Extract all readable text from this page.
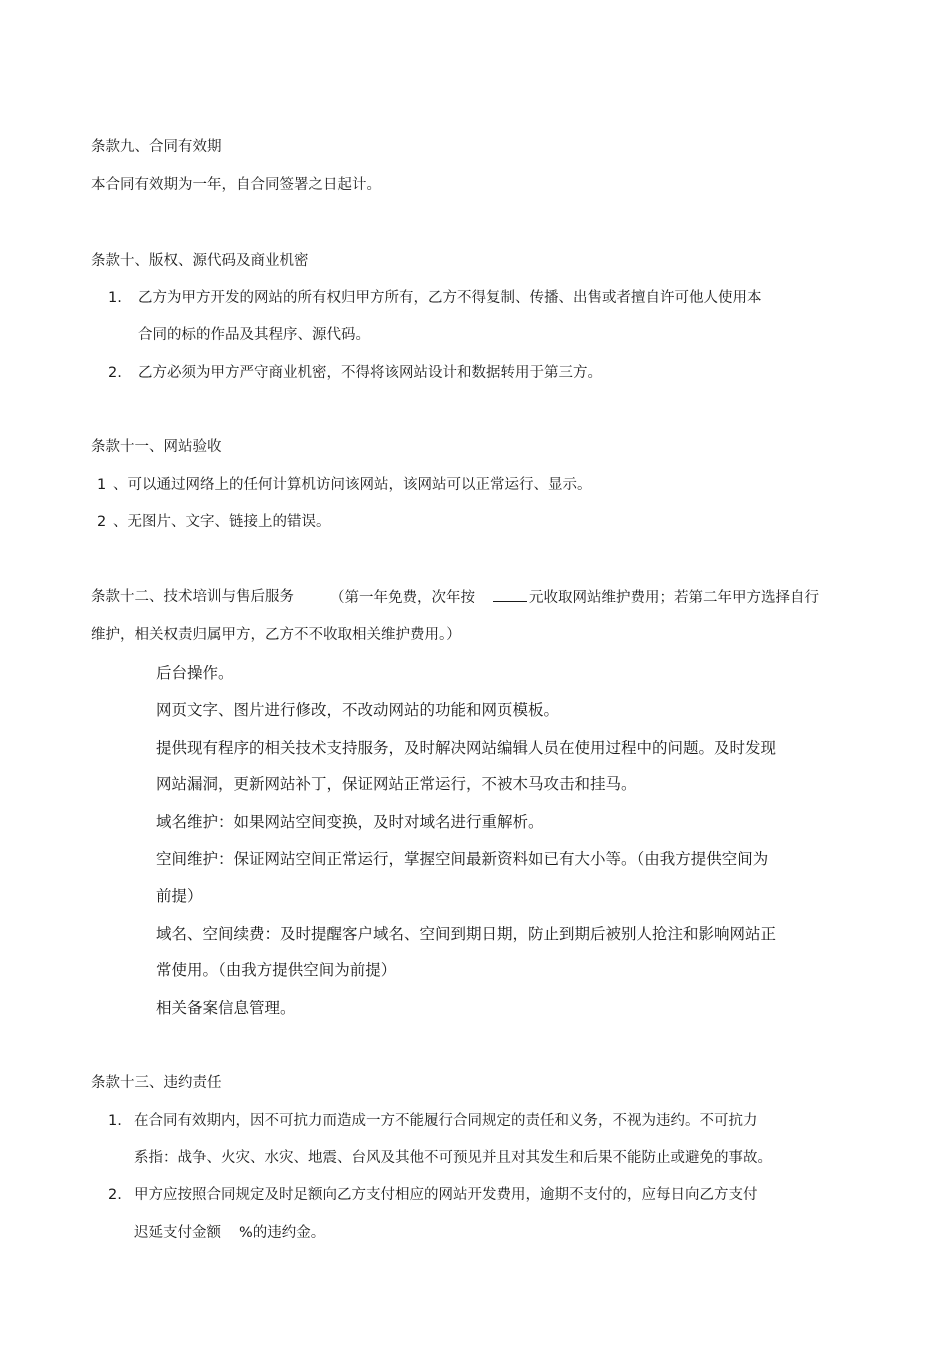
条款九、合同有效期
本合同有效期为一年，自合同签署之日起计。
条款十、版权、源代码及商业机密
1. 乙方为甲方开发的网站的所有权归甲方所有，乙方不得复制、传播、出售或者擅自许可他人使用本
合同的标的作品及其程序、源代码。
2. 乙方必须为甲方严守商业机密，不得将该网站设计和数据转用于第三方。
条款十一、网站验收
1 、可以通过网络上的任何计算机访问该网站，该网站可以正常运行、显示。
2 、无图片、文字、链接上的错误。
条款十二、技术培训与售后服务 （第一年免费，次年按	元收取网站维护费用；若第二年甲方选择自行
维护，相关权责归属甲方，乙方不不收取相关维护费用。）
后台操作。
网页文字、图片进行修改，不改动网站的功能和网页模板。
提供现有程序的相关技术支持服务，及时解决网站编辑人员在使用过程中的问题。及时发现
网站漏洞，更新网站补丁，保证网站正常运行，不被木马攻击和挂马。
域名维护：如果网站空间变换，及时对域名进行重解析。
空间维护：保证网站空间正常运行，掌握空间最新资料如已有大小等。（由我方提供空间为
前提）
域名、空间续费：及时提醒客户域名、空间到期日期，防止到期后被别人抢注和影响网站正
常使用。（由我方提供空间为前提）
相关备案信息管理。
条款十三、违约责任
1. 在合同有效期内，因不可抗力而造成一方不能履行合同规定的责任和义务，不视为违约。不可抗力
系指：战争、火灾、水灾、地震、台风及其他不可预见并且对其发生和后果不能防止或避免的事故。
2. 甲方应按照合同规定及时足额向乙方支付相应的网站开发费用，逾期不支付的，应每日向乙方支付
迟延支付金额 %的违约金。
